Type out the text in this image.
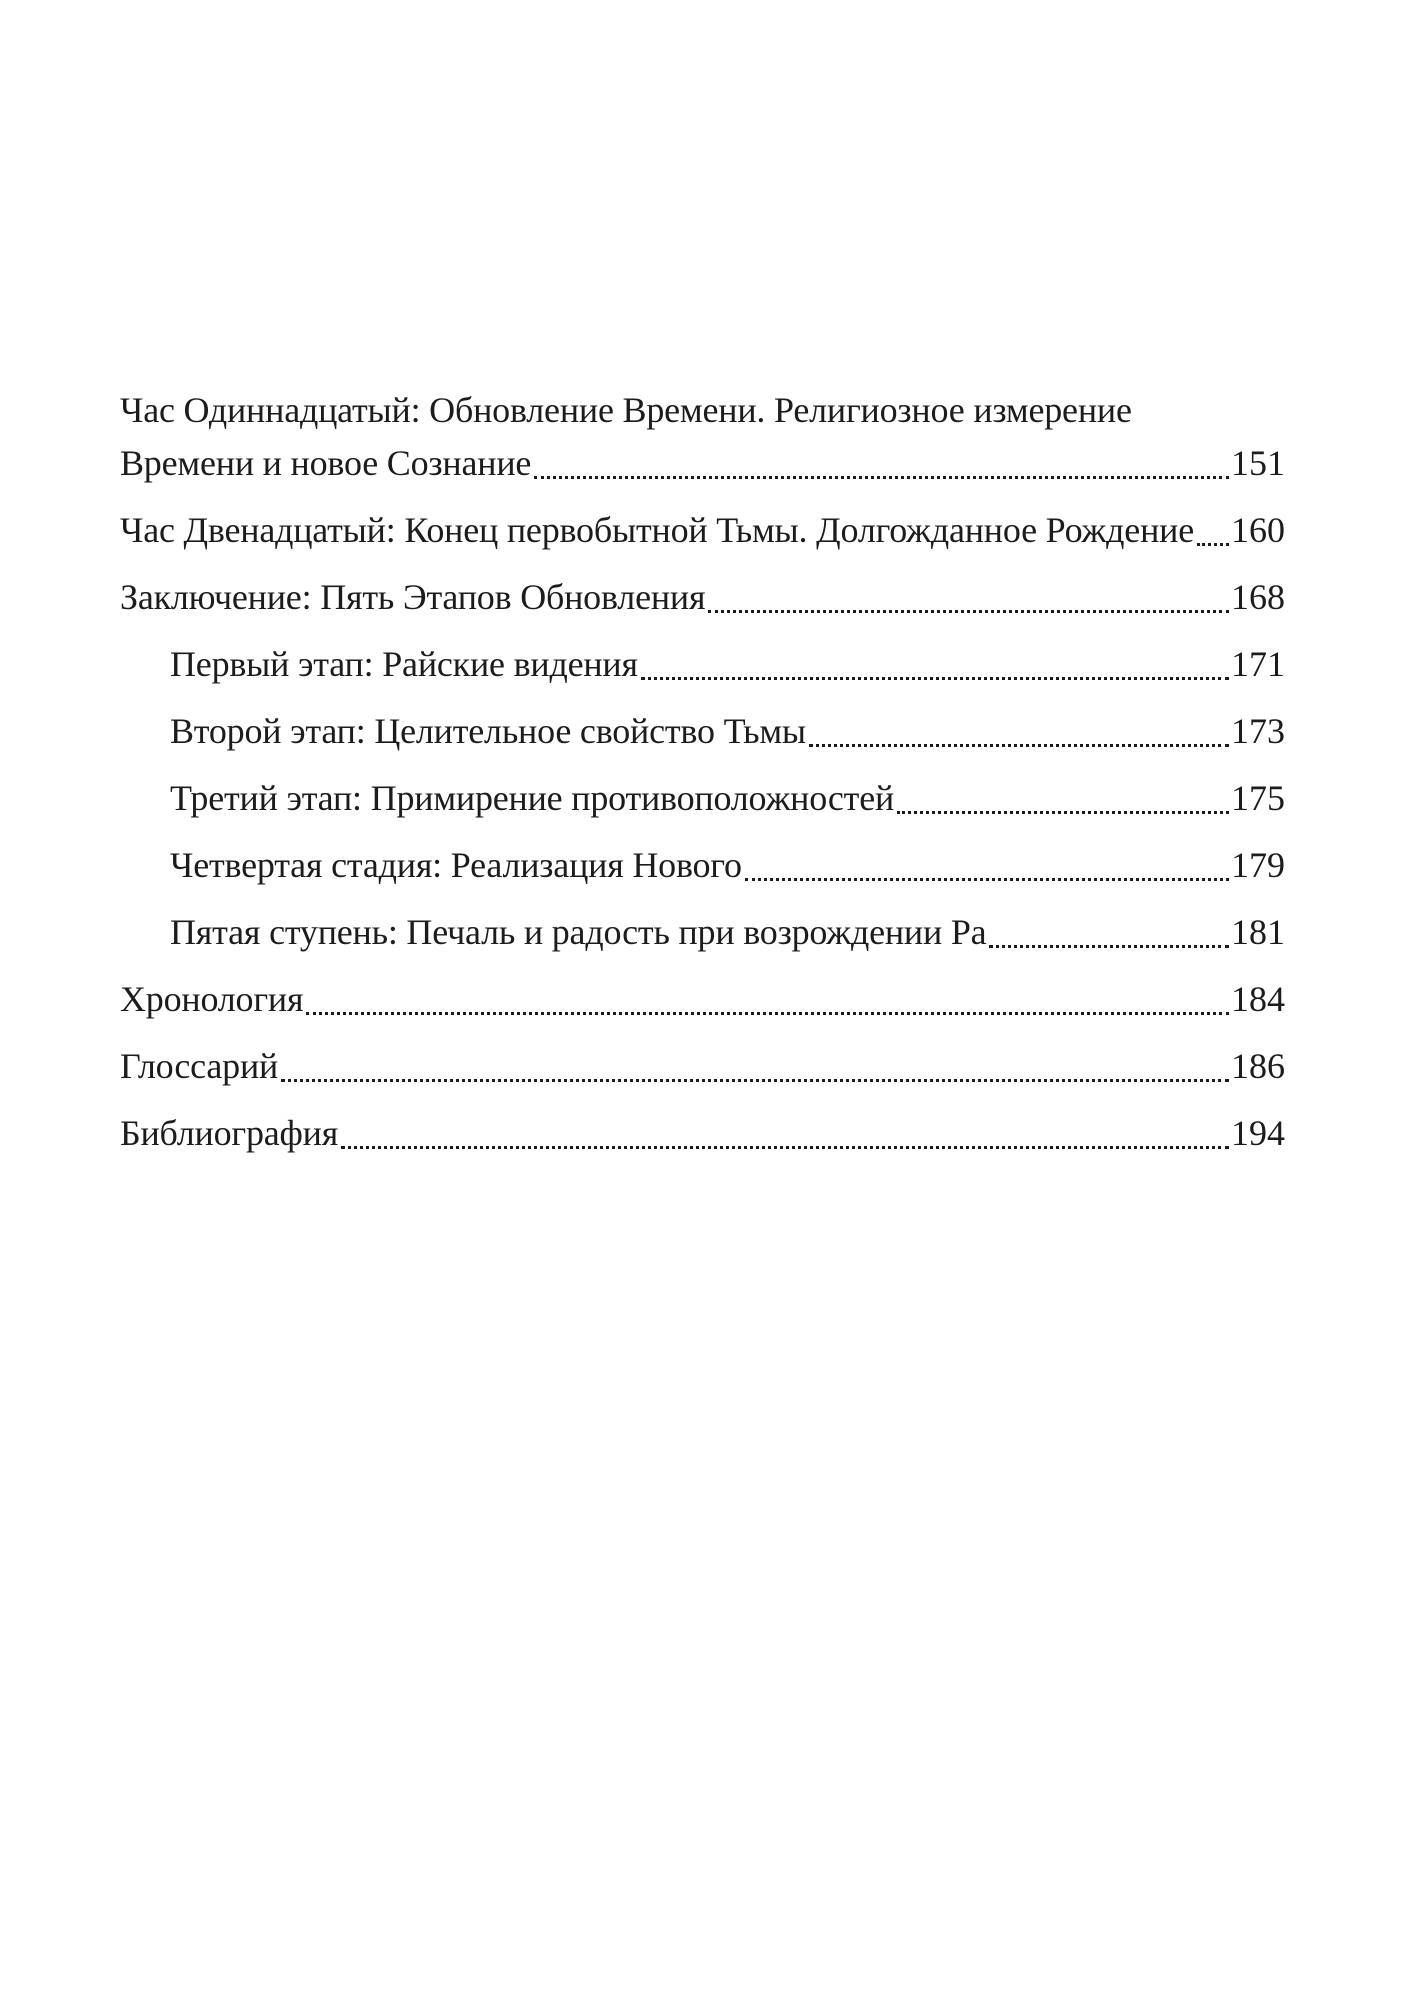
Час Одиннадцатый: Обновление Времени. Религиозное измерение
Времени и новое Сознание	151
Час Двенадцатый: Конец первобытной Тьмы. Долгожданное Рождение 160
Заключение: Пять Этапов Обновления	168
Первый этап: Райские видения	171
Второй этап: Целительное свойство Тьмы	173
Третий этап: Примирение противоположностей	175
Четвертая стадия: Реализация Нового	179
Пятая ступень: Печаль и радость при возрождении Ра	181
Хронология	184
Глоссарий	186
Библиография	194
